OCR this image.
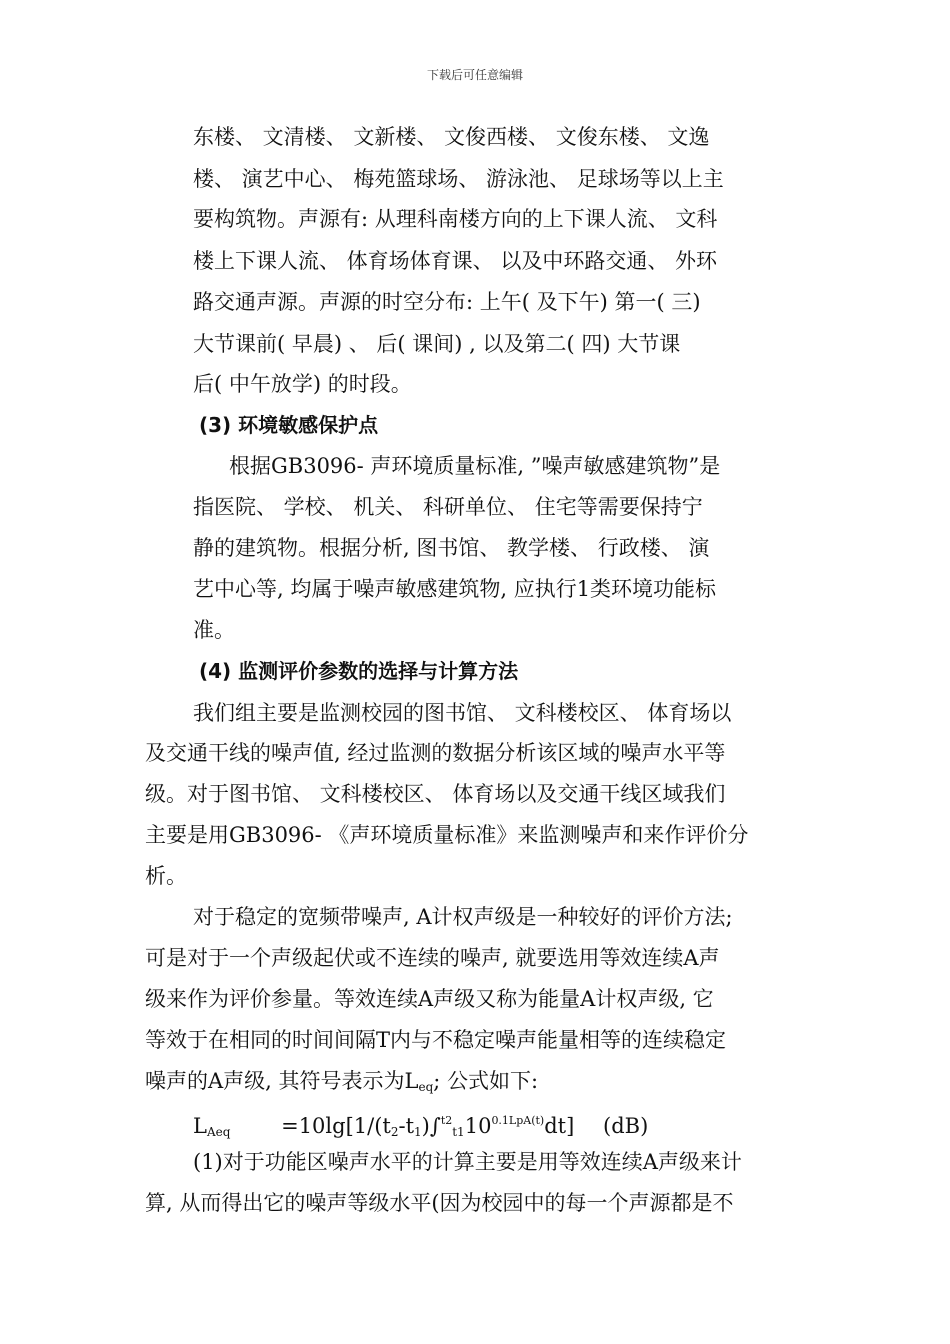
下载后可任意编辑
东楼、 文清楼、 文新楼、 文俊西楼、 文俊东楼、 文逸
楼、 演艺中心、 梅苑篮球场、 游泳池、 足球场等以上主
要构筑物。声源有: 从理科南楼方向的上下课人流、 文科
楼上下课人流、 体育场体育课、 以及中环路交通、 外环
路交通声源。声源的时空分布: 上午( 及下午) 第一( 三)
大节课前( 早晨) 、 后( 课间) , 以及第二( 四) 大节课
后( 中午放学) 的时段。
(3) 环境敏感保护点
根据GB3096- 声环境质量标准, ”噪声敏感建筑物”是
指医院、 学校、 机关、 科研单位、 住宅等需要保持宁
静的建筑物。根据分析, 图书馆、 教学楼、 行政楼、 演
艺中心等, 均属于噪声敏感建筑物, 应执行1类环境功能标
准。
(4) 监测评价参数的选择与计算方法
我们组主要是监测校园的图书馆、 文科楼校区、 体育场以
及交通干线的噪声值, 经过监测的数据分析该区域的噪声水平等
级。对于图书馆、 文科楼校区、 体育场以及交通干线区域我们
主要是用GB3096- 《声环境质量标准》来监测噪声和来作评价分
析。
对于稳定的宽频带噪声, A计权声级是一种较好的评价方法;
可是对于一个声级起伏或不连续的噪声, 就要选用等效连续A声
级来作为评价参量。等效连续A声级又称为能量A计权声级, 它
等效于在相同的时间间隔T内与不稳定噪声能量相等的连续稳定
噪声的A声级, 其符号表示为$L_{eq}$; 公式如下:
$L_{Aeq} =10\lg[1/(t_2-t_1)\int^{t2}_{t1}10^{0.1LpA(t)}dt]$ (dB)
(1)对于功能区噪声水平的计算主要是用等效连续A声级来计
算, 从而得出它的噪声等级水平(因为校园中的每一个声源都是不
